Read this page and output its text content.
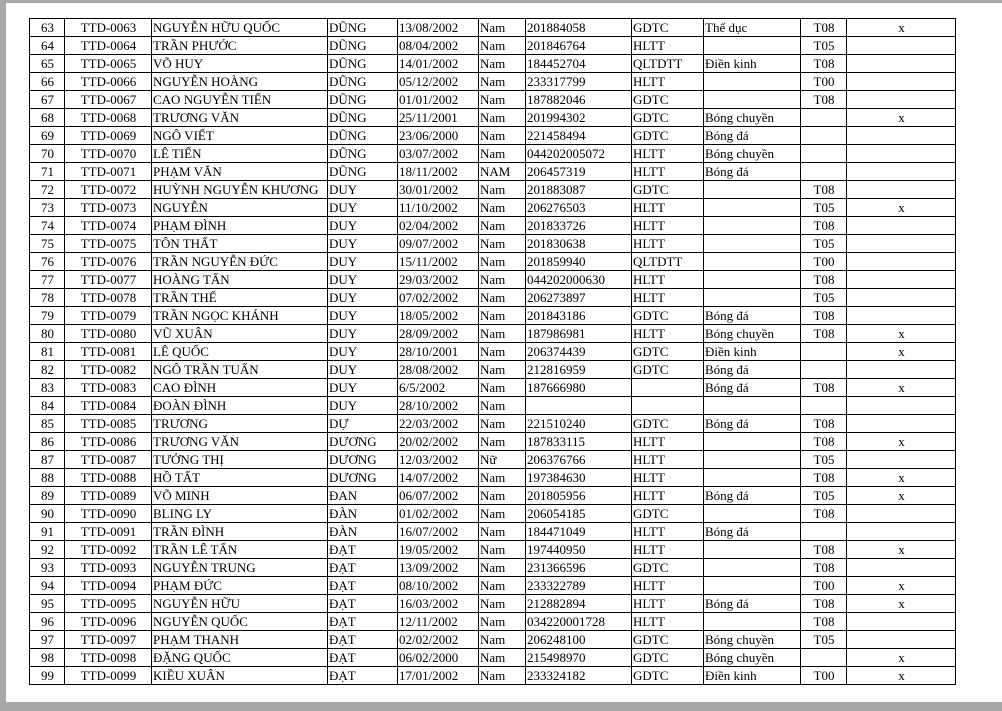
63	TTD-0063	NGUYỄN HỮU QUỐC	DŨNG	13/08/2002	Nam	201884058	GDTC	Thể dục	T08	x
64	TTD-0064	TRẦN PHƯỚC	DŨNG	08/04/2002	Nam	201846764	HLTT		T05	
65	TTD-0065	VÕ HUY	DŨNG	14/01/2002	Nam	184452704	QLTDTT	Điền kinh	T08	
66	TTD-0066	NGUYỄN HOÀNG	DŨNG	05/12/2002	Nam	233317799	HLTT		T00	
67	TTD-0067	CAO NGUYỄN TIẾN	DŨNG	01/01/2002	Nam	187882046	GDTC		T08	
68	TTD-0068	TRƯƠNG VĂN	DŨNG	25/11/2001	Nam	201994302	GDTC	Bóng chuyền		x
69	TTD-0069	NGÔ VIẾT	DŨNG	23/06/2000	Nam	221458494	GDTC	Bóng đá		
70	TTD-0070	LÊ TIẾN	DŨNG	03/07/2002	Nam	044202005072	HLTT	Bóng chuyền		
71	TTD-0071	PHẠM VĂN	DŨNG	18/11/2002	NAM	206457319	HLTT	Bóng đá		
72	TTD-0072	HUỲNH NGUYỄN KHƯƠNG	DUY	30/01/2002	Nam	201883087	GDTC		T08	
73	TTD-0073	NGUYỄN	DUY	11/10/2002	Nam	206276503	HLTT		T05	x
74	TTD-0074	PHẠM ĐÌNH	DUY	02/04/2002	Nam	201833726	HLTT		T08	
75	TTD-0075	TÔN THẤT	DUY	09/07/2002	Nam	201830638	HLTT		T05	
76	TTD-0076	TRẦN NGUYỄN ĐỨC	DUY	15/11/2002	Nam	201859940	QLTDTT		T00	
77	TTD-0077	HOÀNG TẤN	DUY	29/03/2002	Nam	044202000630	HLTT		T08	
78	TTD-0078	TRẦN THẾ	DUY	07/02/2002	Nam	206273897	HLTT		T05	
79	TTD-0079	TRẦN NGỌC KHÁNH	DUY	18/05/2002	Nam	201843186	GDTC	Bóng đá	T08	
80	TTD-0080	VŨ XUÂN	DUY	28/09/2002	Nam	187986981	HLTT	Bóng chuyền	T08	x
81	TTD-0081	LÊ QUỐC	DUY	28/10/2001	Nam	206374439	GDTC	Điền kinh		x
82	TTD-0082	NGÔ TRẦN TUẤN	DUY	28/08/2002	Nam	212816959	GDTC	Bóng đá		
83	TTD-0083	CAO ĐÌNH	DUY	6/5/2002	Nam	187666980		Bóng đá	T08	x
84	TTD-0084	ĐOÀN ĐÌNH	DUY	28/10/2002	Nam					
85	TTD-0085	TRƯƠNG	DỰ	22/03/2002	Nam	221510240	GDTC	Bóng đá	T08	
86	TTD-0086	TRƯƠNG VĂN	DƯƠNG	20/02/2002	Nam	187833115	HLTT		T08	x
87	TTD-0087	TƯỞNG THỊ	DƯƠNG	12/03/2002	Nữ	206376766	HLTT		T05	
88	TTD-0088	HỒ TẤT	DƯƠNG	14/07/2002	Nam	197384630	HLTT		T08	x
89	TTD-0089	VÕ MINH	ĐAN	06/07/2002	Nam	201805956	HLTT	Bóng đá	T05	x
90	TTD-0090	BLING LY	ĐÀN	01/02/2002	Nam	206054185	GDTC		T08	
91	TTD-0091	TRẦN ĐÌNH	ĐÀN	16/07/2002	Nam	184471049	HLTT	Bóng đá		
92	TTD-0092	TRẦN LÊ TẤN	ĐẠT	19/05/2002	Nam	197440950	HLTT		T08	x
93	TTD-0093	NGUYỄN TRUNG	ĐẠT	13/09/2002	Nam	231366596	GDTC		T08	
94	TTD-0094	PHẠM ĐỨC	ĐẠT	08/10/2002	Nam	233322789	HLTT		T00	x
95	TTD-0095	NGUYỄN HỮU	ĐẠT	16/03/2002	Nam	212882894	HLTT	Bóng đá	T08	x
96	TTD-0096	NGUYỄN QUỐC	ĐẠT	12/11/2002	Nam	034220001728	HLTT		T08	
97	TTD-0097	PHẠM THANH	ĐẠT	02/02/2002	Nam	206248100	GDTC	Bóng chuyền	T05	
98	TTD-0098	ĐẶNG QUỐC	ĐẠT	06/02/2000	Nam	215498970	GDTC	Bóng chuyền		x
99	TTD-0099	KIỀU XUÂN	ĐẠT	17/01/2002	Nam	233324182	GDTC	Điền kinh	T00	x
